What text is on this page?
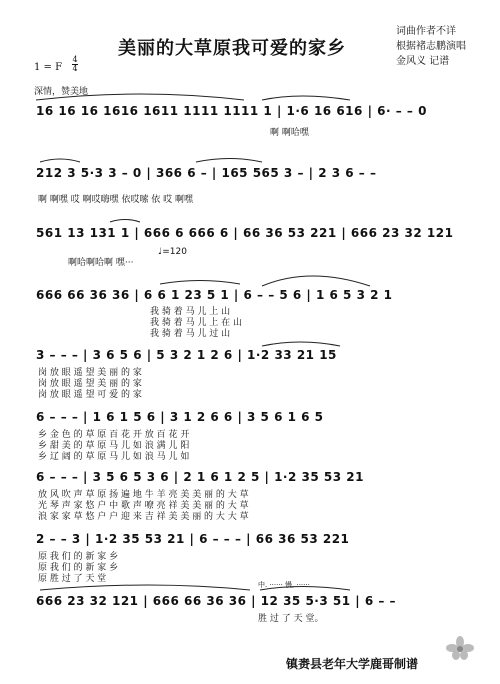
美丽的大草原我可爱的家乡
词曲作者不详
根据褚志鹏演唱
金风义 记谱
1 = F
4
4
深情，赞美地
♩=120
16 16 16 1616 1611 1111 1111 1 | 1·6 16 616 | 6· – – 0
啊 啊哈嘿
212 3 5·3 3 – 0 | 366 6 – | 165 565 3 – | 2 3 6 – –
啊 啊嘿 哎 啊哎嗨嘿 依哎嗦 依 哎 啊嘿
561 13 131 1 | 666 6 666 6 | 66 36 53 221 | 666 23 32 121
啊哈啊哈啊 嘿···
666 66 36 36 | 6 6 1 23 5 1 | 6 – – 5 6 | 1 6 5 3 2 1
我 骑 着 马 儿 上 山
我 骑 着 马 儿 上 在 山
我 骑 着 马 儿 过 山
3 – – – | 3 6 5 6 | 5 3 2 1 2 6 | 1·2 33 21 15
岗 放 眼 遥 望 美 丽 的 家
岗 放 眼 遥 望 美 丽 的 家
岗 放 眼 遥 望 可 爱 的 家
6 – – – | 1 6 1 5 6 | 3 1 2 6 6 | 3 5 6 1 6 5
乡 金 色 的 草 原 百 花 开 放 百 花 开
乡 甜 美 的 草 原 马 儿 如 浪 满 儿 阳
乡 辽 阔 的 草 原 马 儿 如 浪 马 儿 如
6 – – – | 3 5 6 5 3 6 | 2 1 6 1 2 5 | 1·2 35 53 21
放 风 吹 声 草 原 扬 遍 地 牛 羊 亮 美 美 丽 的 大 草
光 琴 声 家 悠 户 中 歌 声 嘹 亮 祥 美 美 丽 的 大 草
浪 家 家 草 悠 户 户 迎 来 吉 祥 美 美 丽 的 大 大 草
2 – – 3 | 1·2 35 53 21 | 6 – – – | 66 36 53 221
原 我 们 的 新 家 乡
原 我 们 的 新 家 乡
原 胜 过 了 天 堂
中. ······ 慢, ······
666 23 32 121 | 666 66 36 36 | 12 35 5·3 51 | 6 – –
胜 过 了 天 堂。
镇赉县老年大学鹿哥制谱
